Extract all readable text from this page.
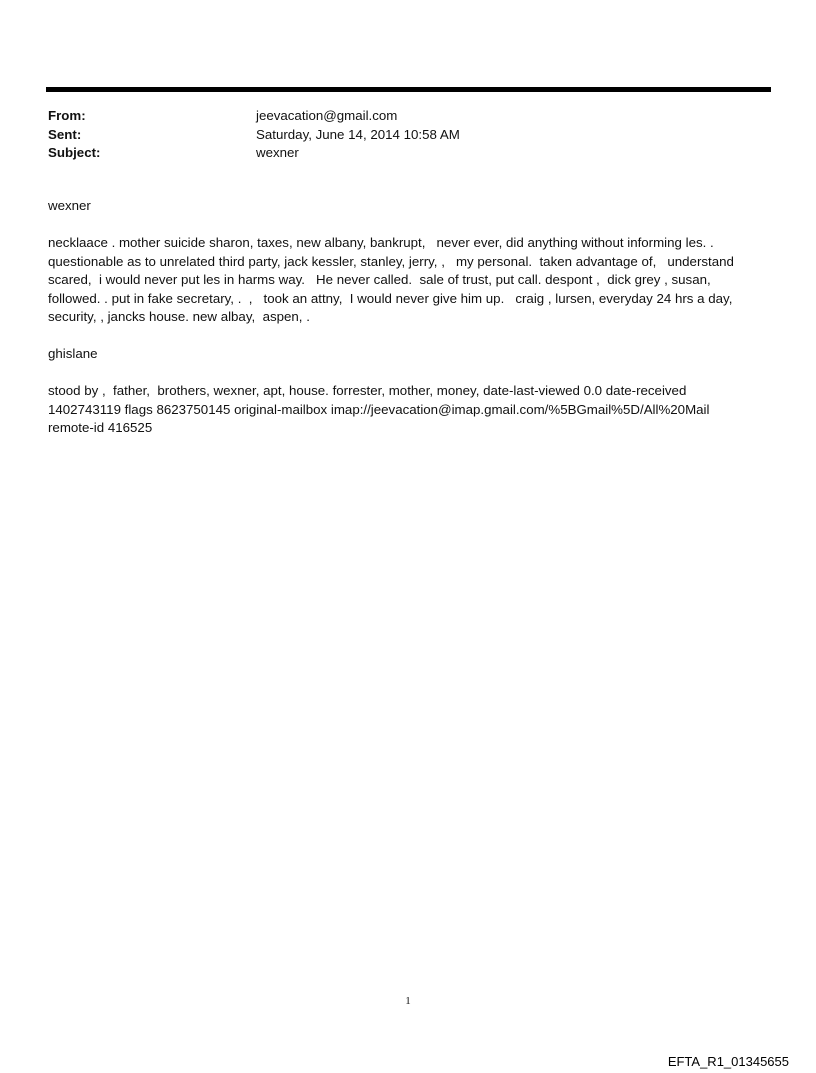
From:	jeevacation@gmail.com
Sent:	Saturday, June 14, 2014 10:58 AM
Subject:	wexner

wexner

necklaace . mother suicide sharon, taxes, new albany, bankrupt,   never ever, did anything without informing les. .
questionable as to unrelated third party, jack kessler, stanley, jerry, ,   my personal.  taken advantage of,   understand
scared,  i would never put les in harms way.   He never called.  sale of trust, put call. despont ,  dick grey , susan,
followed. . put in fake secretary, .  ,   took an attny,  I would never give him up.   craig , lursen, everyday 24 hrs a day,
security, , jancks house. new albay,  aspen, .

ghislane

stood by ,  father,  brothers, wexner, apt, house. forrester, mother, money, date-last-viewed 0.0 date-received
1402743119 flags 8623750145 original-mailbox imap://jeevacation@imap.gmail.com/%5BGmail%5D/All%20Mail
remote-id 416525

1
EFTA_R1_01345655
